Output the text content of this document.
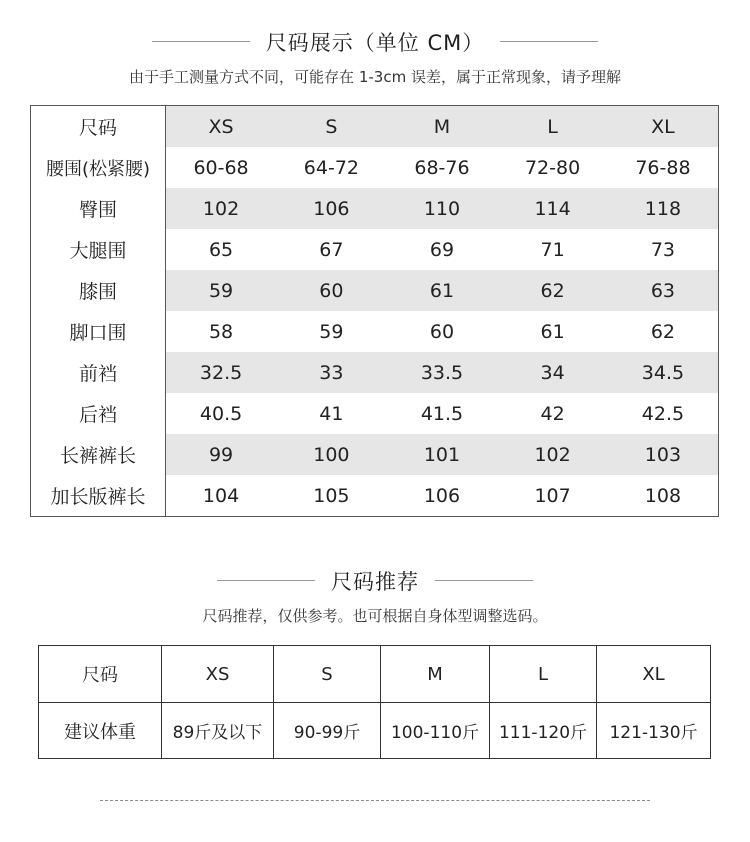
尺码展示（单位 CM）
由于手工测量方式不同，可能存在 1-3cm 误差，属于正常现象，请予理解
尺码	XS	S	M	L	XL
腰围(松紧腰)	60-68	64-72	68-76	72-80	76-88
臀围	102	106	110	114	118
大腿围	65	67	69	71	73
膝围	59	60	61	62	63
脚口围	58	59	60	61	62
前裆	32.5	33	33.5	34	34.5
后裆	40.5	41	41.5	42	42.5
长裤裤长	99	100	101	102	103
加长版裤长	104	105	106	107	108
尺码推荐
尺码推荐，仅供参考。也可根据自身体型调整选码。
尺码	XS	S	M	L	XL
建议体重	89斤及以下	90-99斤	100-110斤	111-120斤	121-130斤
